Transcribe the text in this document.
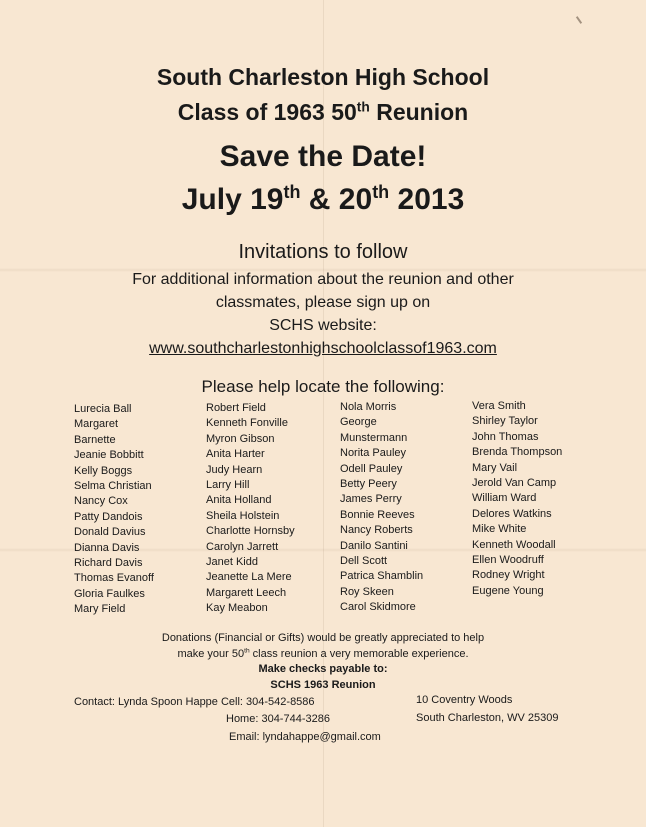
South Charleston High School
Class of 1963 50th Reunion
Save the Date!
July 19th & 20th 2013
Invitations to follow
For additional information about the reunion and other
classmates, please sign up on
SCHS website:
www.southcharlestonhighschoolclassof1963.com
Please help locate the following:
Lurecia Ball
Margaret
Barnette
Jeanie Bobbitt
Kelly Boggs
Selma Christian
Nancy Cox
Patty Dandois
Donald Davius
Dianna Davis
Richard Davis
Thomas Evanoff
Gloria Faulkes
Mary Field
Robert Field
Kenneth Fonville
Myron Gibson
Anita Harter
Judy Hearn
Larry Hill
Anita Holland
Sheila Holstein
Charlotte Hornsby
Carolyn Jarrett
Janet Kidd
Jeanette La Mere
Margarett Leech
Kay Meabon
Nola Morris
George
Munstermann
Norita Pauley
Odell Pauley
Betty Peery
James Perry
Bonnie Reeves
Nancy Roberts
Danilo Santini
Dell Scott
Patrica Shamblin
Roy Skeen
Carol Skidmore
Vera Smith
Shirley Taylor
John Thomas
Brenda Thompson
Mary Vail
Jerold Van Camp
William Ward
Delores Watkins
Mike White
Kenneth Woodall
Ellen Woodruff
Rodney Wright
Eugene Young
Donations (Financial or Gifts) would be greatly appreciated to help
make your 50th class reunion a very memorable experience.
Make checks payable to:
SCHS 1963 Reunion
Contact: Lynda Spoon Happe Cell: 304-542-8586
Home: 304-744-3286
Email: lyndahappe@gmail.com
10 Coventry Woods
South Charleston, WV 25309
